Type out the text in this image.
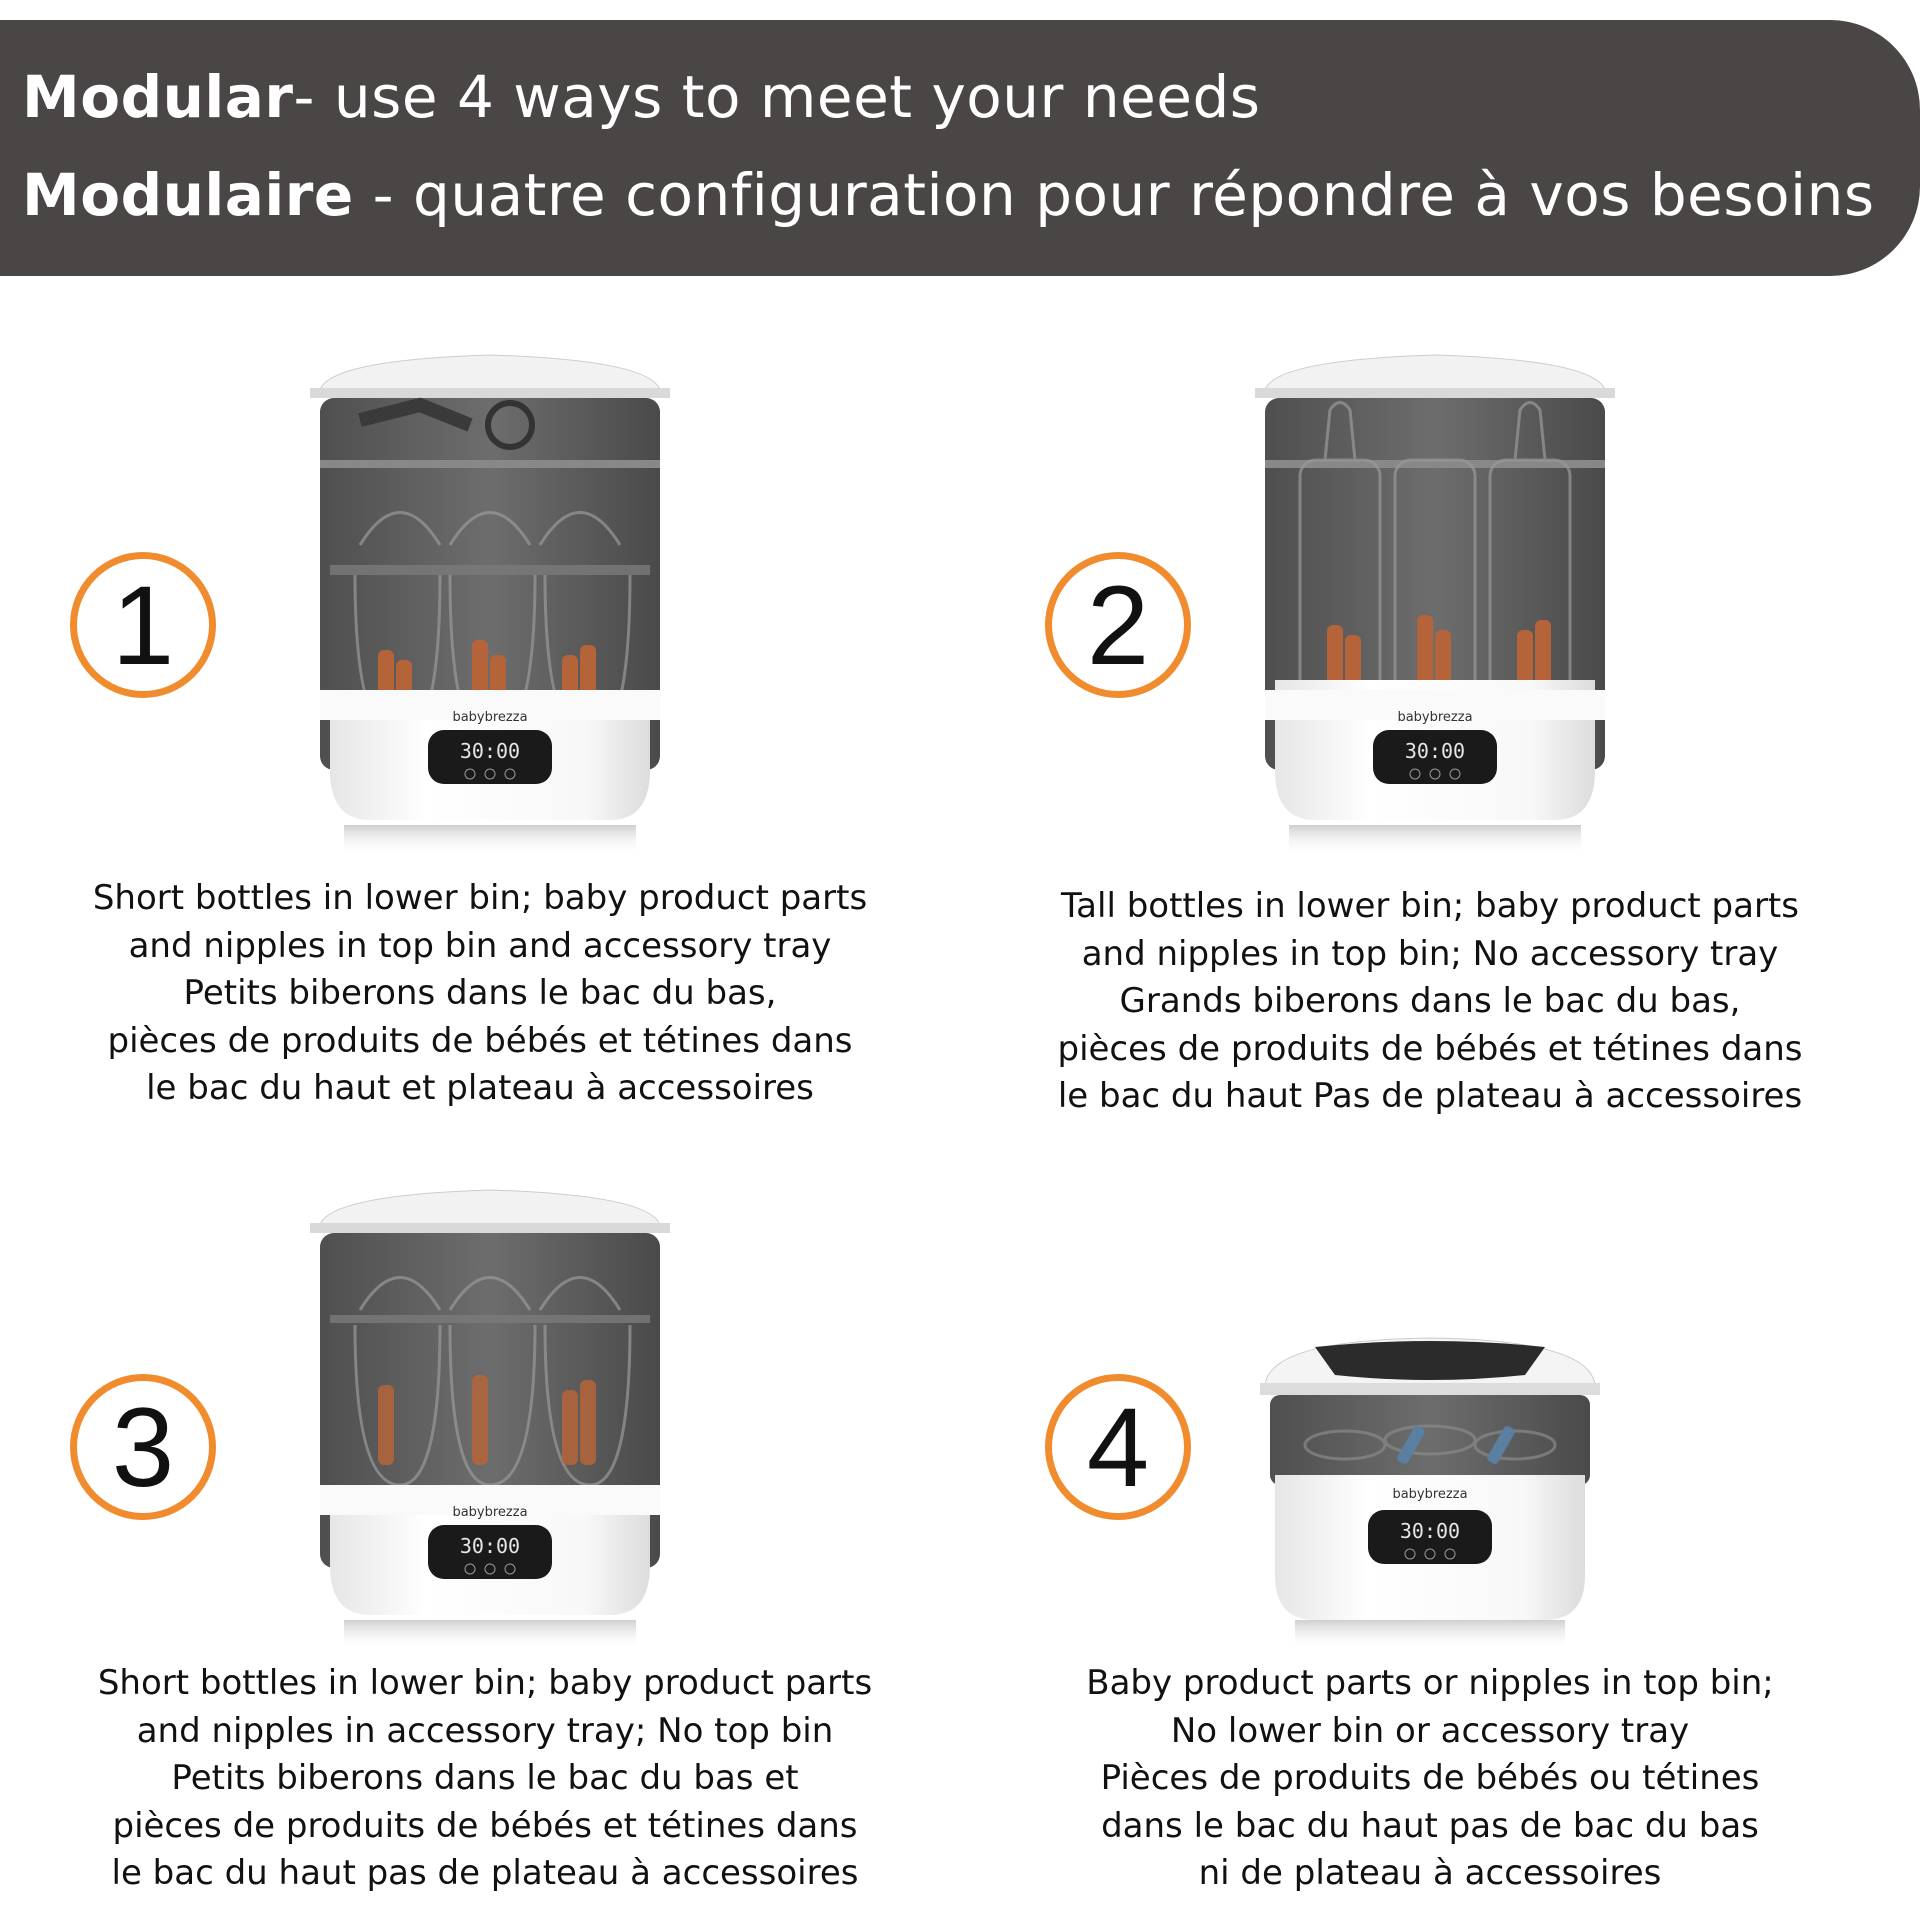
Modular- use 4 ways to meet your needs
Modulaire - quatre configuration pour répondre à vos besoins
1
babybrezza
30:00
Short bottles in lower bin; baby product parts
and nipples in top bin and accessory tray
Petits biberons dans le bac du bas,
pièces de produits de bébés et tétines dans
le bac du haut et plateau à accessoires
2
babybrezza
30:00
Tall bottles in lower bin; baby product parts
and nipples in top bin; No accessory tray
Grands biberons dans le bac du bas,
pièces de produits de bébés et tétines dans
le bac du haut Pas de plateau à accessoires
3
babybrezza
30:00
Short bottles in lower bin; baby product parts
and nipples in accessory tray; No top bin
Petits biberons dans le bac du bas et
pièces de produits de bébés et tétines dans
le bac du haut pas de plateau à accessoires
4	babybrezza
30:00
Baby product parts or nipples in top bin;
No lower bin or accessory tray
Pièces de produits de bébés ou tétines
dans le bac du haut pas de bac du bas
ni de plateau à accessoires
